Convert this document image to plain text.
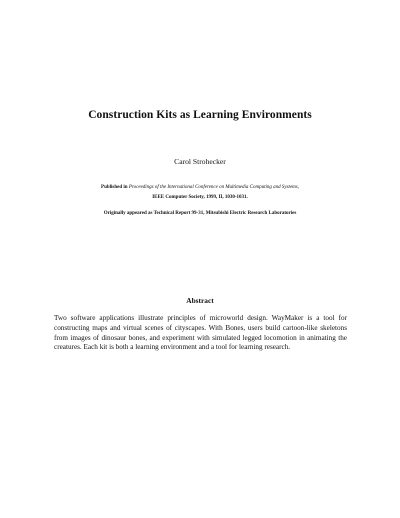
Construction Kits as Learning Environments
Carol Strohecker
Published in Proceedings of the International Conference on Multimedia Computing and Systems,
IEEE Computer Society, 1999, II, 1030-1031.
Originally appeared as Technical Report 99-31, Mitsubishi Electric Research Laboratories
Abstract
Two software applications illustrate principles of microworld design. WayMaker is a tool for constructing maps and virtual scenes of cityscapes. With Bones, users build cartoon-like skeletons from images of dinosaur bones, and experiment with simulated legged locomotion in animating the creatures. Each kit is both a learning environment and a tool for learning research.
